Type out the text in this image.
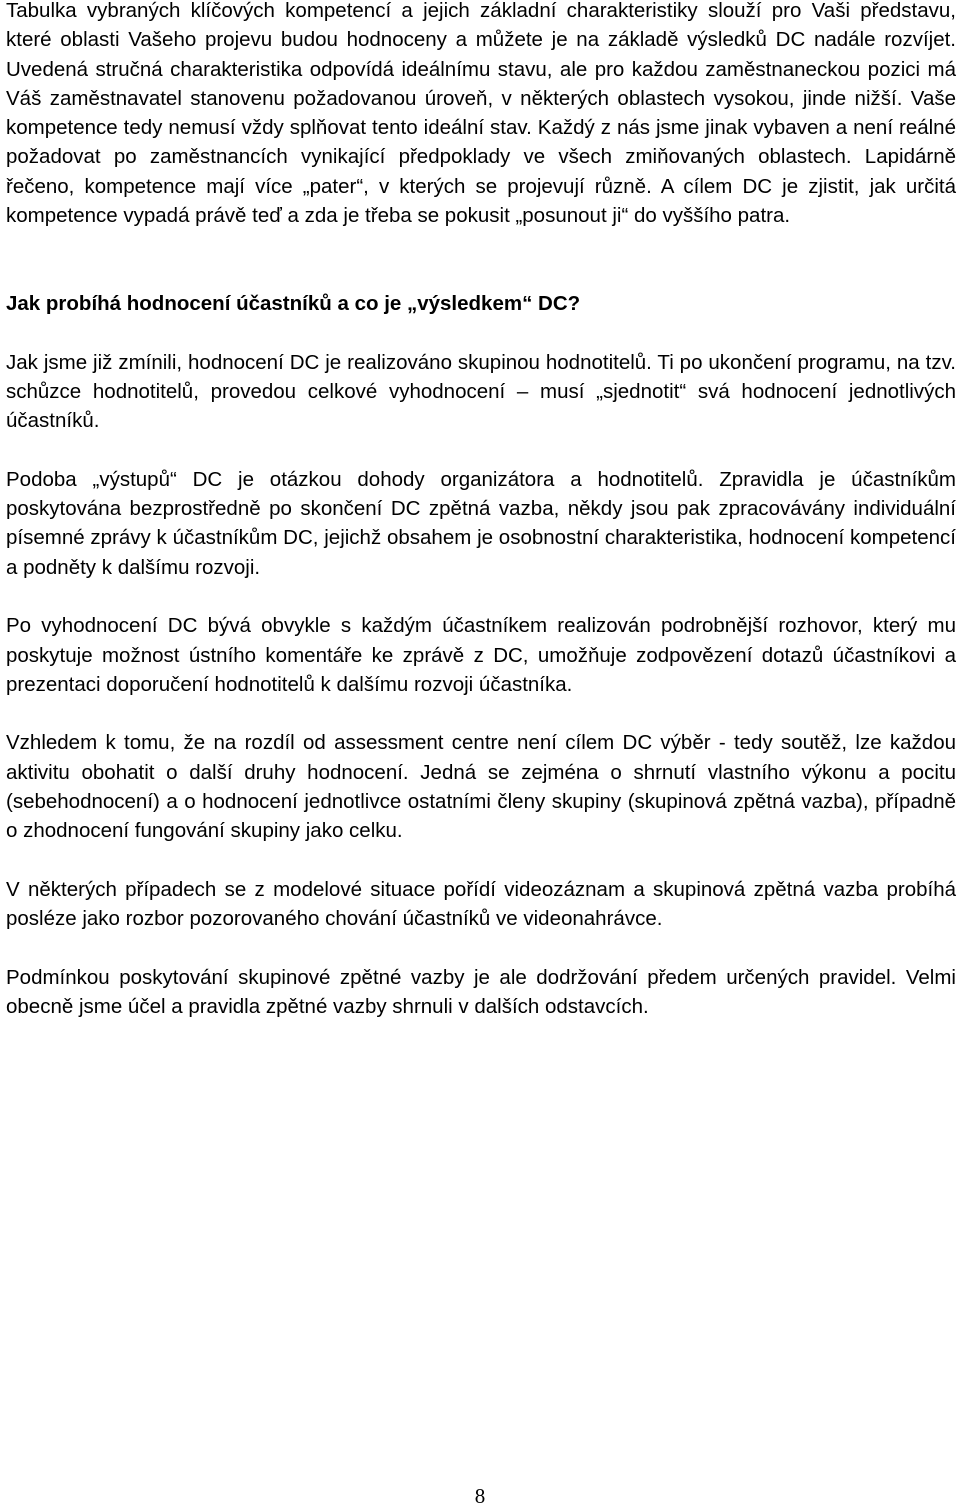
Tabulka vybraných klíčových kompetencí a jejich základní charakteristiky slouží pro Vaši představu, které oblasti Vašeho projevu budou hodnoceny a můžete je na základě výsledků DC nadále rozvíjet. Uvedená stručná charakteristika odpovídá ideálnímu stavu, ale pro každou zaměstnaneckou pozici má Váš zaměstnavatel stanovenu požadovanou úroveň, v některých oblastech vysokou, jinde nižší. Vaše kompetence tedy nemusí vždy splňovat tento ideální stav. Každý z nás jsme jinak vybaven a není reálné požadovat po zaměstnancích vynikající předpoklady ve všech zmiňovaných oblastech. Lapidárně řečeno, kompetence mají více „pater“, v kterých se projevují různě. A cílem DC je zjistit, jak určitá kompetence vypadá právě teď a zda je třeba se pokusit „posunout ji“ do vyššího patra.

Jak probíhá hodnocení účastníků a co je „výsledkem“ DC?

Jak jsme již zmínili, hodnocení DC je realizováno skupinou hodnotitelů. Ti po ukončení programu, na tzv. schůzce hodnotitelů, provedou celkové vyhodnocení – musí „sjednotit“ svá hodnocení jednotlivých účastníků.

Podoba „výstupů“ DC je otázkou dohody organizátora a hodnotitelů. Zpravidla je účastníkům poskytována bezprostředně po skončení DC zpětná vazba, někdy jsou pak zpracovávány individuální písemné zprávy k účastníkům DC, jejichž obsahem je osobnostní charakteristika, hodnocení kompetencí a podněty k dalšímu rozvoji.

Po vyhodnocení DC bývá obvykle s každým účastníkem realizován podrobnější rozhovor, který mu poskytuje možnost ústního komentáře ke zprávě z DC, umožňuje zodpovězení dotazů účastníkovi a prezentaci doporučení hodnotitelů k dalšímu rozvoji účastníka.

Vzhledem k tomu, že na rozdíl od assessment centre není cílem DC výběr - tedy soutěž, lze každou aktivitu obohatit o další druhy hodnocení. Jedná se zejména o shrnutí vlastního výkonu a pocitu (sebehodnocení) a o hodnocení jednotlivce ostatními členy skupiny (skupinová zpětná vazba), případně o zhodnocení fungování skupiny jako celku.

V některých případech se z modelové situace pořídí videozáznam a skupinová zpětná vazba probíhá posléze jako rozbor pozorovaného chování účastníků ve videonahrávce.

Podmínkou poskytování skupinové zpětné vazby je ale dodržování předem určených pravidel. Velmi obecně jsme účel a pravidla zpětné vazby shrnuli v dalších odstavcích.

8
